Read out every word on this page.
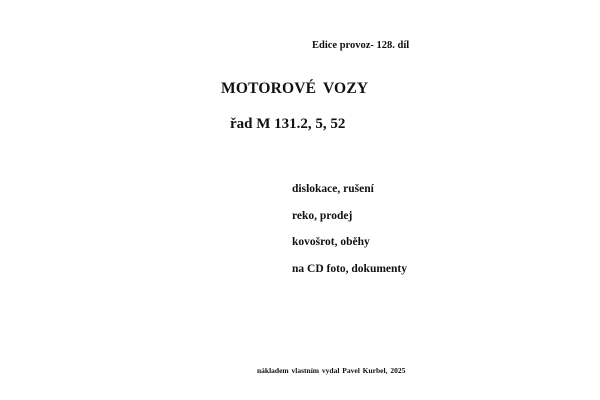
Edice provoz- 128. díl
MOTOROVÉ VOZY
řad M 131.2, 5, 52
dislokace, rušení
reko, prodej
kovošrot, oběhy
na CD foto, dokumenty
nákladem vlastním vydal Pavel Kurbel, 2025
